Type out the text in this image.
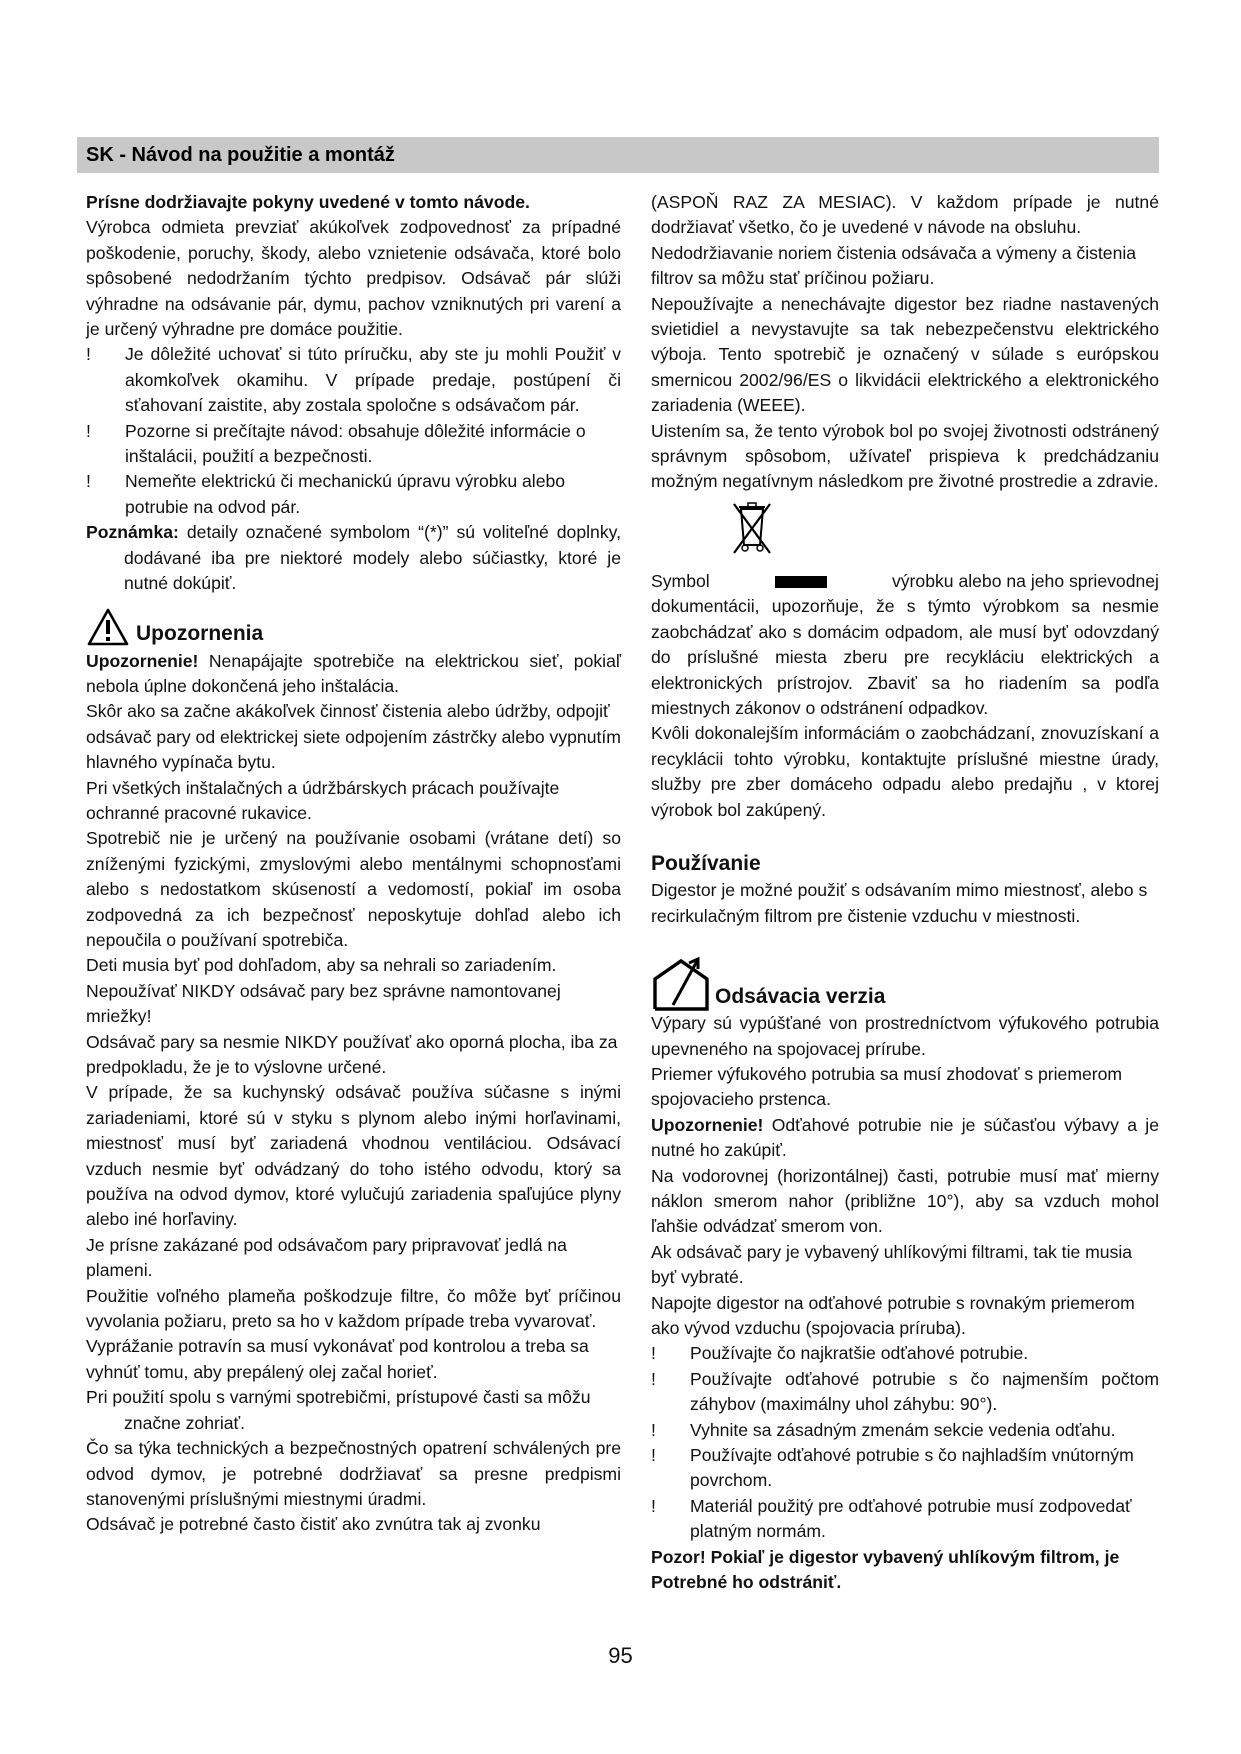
SK - Návod na použitie a montáž

Prísne dodržiavajte pokyny uvedené v tomto návode.

Výrobca odmieta prevziať akúkoľvek zodpovednosť za prípadné poškodenie, poruchy, škody, alebo vznietenie odsávača, ktoré bolo spôsobené nedodržaním týchto predpisov. Odsávač pár slúži výhradne na odsávanie pár, dymu, pachov vzniknutých pri varení a je určený výhradne pre domáce použitie.

!	Je dôležité uchovať si túto príručku, aby ste ju mohli Použiť v akomkoľvek okamihu. V prípade predaje, postúpení či sťahovaní zaistite, aby zostala spoločne s odsávačom pár.
!	Pozorne si prečítajte návod: obsahuje dôležité informácie o inštalácii, použití a bezpečnosti.
!	Nemeňte elektrickú či mechanickú úpravu výrobku alebo potrubie na odvod pár.

Poznámka: detaily označené symbolom “(*)” sú voliteľné doplnky, dodávané iba pre niektoré modely alebo súčiastky, ktoré je nutné dokúpiť.

Upozornenia

Upozornenie! Nenapájajte spotrebiče na elektrickou sieť, pokiaľ nebola úplne dokončená jeho inštalácia.

Skôr ako sa začne akákoľvek činnosť čistenia alebo údržby, odpojiť odsávač pary od elektrickej siete odpojením zástrčky alebo vypnutím hlavného vypínača bytu.

Pri všetkých inštalačných a údržbárskych prácach používajte ochranné pracovné rukavice.

Spotrebič nie je určený na používanie osobami (vrátane detí) so zníženými fyzickými, zmyslovými alebo mentálnymi schopnosťami alebo s nedostatkom skúseností a vedomostí, pokiaľ im osoba zodpovedná za ich bezpečnosť neposkytuje dohľad alebo ich nepoučila o používaní spotrebiča.

Deti musia byť pod dohľadom, aby sa nehrali so zariadením.

Nepoužívať NIKDY odsávač pary bez správne namontovanej mriežky!

Odsávač pary sa nesmie NIKDY používať ako oporná plocha, iba za predpokladu, že je to výslovne určené.

V prípade, že sa kuchynský odsávač používa súčasne s inými zariadeniami, ktoré sú v styku s plynom alebo inými horľavinami, miestnosť musí byť zariadená vhodnou ventiláciou. Odsávací vzduch nesmie byť odvádzaný do toho istého odvodu, ktorý sa používa na odvod dymov, ktoré vylučujú zariadenia spaľujúce plyny alebo iné horľaviny.

Je prísne zakázané pod odsávačom pary pripravovať jedlá na plameni.

Použitie voľného plameňa poškodzuje filtre, čo môže byť príčinou vyvolania požiaru, preto sa ho v každom prípade treba vyvarovať.

Vyprážanie potravín sa musí vykonávať pod kontrolou a treba sa vyhnúť tomu, aby prepálený olej začal horieť.

Pri použití spolu s varnými spotrebičmi, prístupové časti sa môžu značne zohriať.

Čo sa týka technických a bezpečnostných opatrení schválených pre odvod dymov, je potrebné dodržiavať sa presne predpismi stanovenými príslušnými miestnymi úradmi.

Odsávač je potrebné často čistiť ako zvnútra tak aj zvonku

(ASPOŇ RAZ ZA MESIAC). V každom prípade je nutné dodržiavať všetko, čo je uvedené v návode na obsluhu.

Nedodržiavanie noriem čistenia odsávača a výmeny a čistenia filtrov sa môžu stať príčinou požiaru.

Nepoužívajte a nenechávajte digestor bez riadne nastavených svietidiel a nevystavujte sa tak nebezpečenstvu elektrického výboja. Tento spotrebič je označený v súlade s európskou smernicou 2002/96/ES o likvidácii elektrického a elektronického zariadenia (WEEE).

Uistením sa, že tento výrobok bol po svojej životnosti odstránený správnym spôsobom, užívateľ prispieva k predchádzaniu možným negatívnym následkom pre životné prostredie a zdravie.

Symbol	výrobku alebo na jeho sprievodnej

dokumentácii, upozorňuje, že s týmto výrobkom sa nesmie zaobchádzať ako s domácim odpadom, ale musí byť odovzdaný do príslušné miesta zberu pre recykláciu elektrických a elektronických prístrojov. Zbaviť sa ho riadením sa podľa miestnych zákonov o odstránení odpadkov.

Kvôli dokonalejším informáciám o zaobchádzaní, znovuzískaní a recyklácii tohto výrobku, kontaktujte príslušné miestne úrady, služby pre zber domáceho odpadu alebo predajňu , v ktorej výrobok bol zakúpený.

Používanie

Digestor je možné použiť s odsávaním mimo miestnosť, alebo s recirkulačným filtrom pre čistenie vzduchu v miestnosti.

Odsávacia verzia

Výpary sú vypúšťané von prostredníctvom výfukového potrubia upevneného na spojovacej prírube.

Priemer výfukového potrubia sa musí zhodovať s priemerom spojovacieho prstenca.

Upozornenie! Odťahové potrubie nie je súčasťou výbavy a je nutné ho zakúpiť.

Na vodorovnej (horizontálnej) časti, potrubie musí mať mierny náklon smerom nahor (približne 10°), aby sa vzduch mohol ľahšie odvádzať smerom von.

Ak odsávač pary je vybavený uhlíkovými filtrami, tak tie musia byť vybraté.

Napojte digestor na odťahové potrubie s rovnakým priemerom ako vývod vzduchu (spojovacia príruba).

!	Používajte čo najkratšie odťahové potrubie.
!	Používajte odťahové potrubie s čo najmenším počtom záhybov (maximálny uhol záhybu: 90°).
!	Vyhnite sa zásadným zmenám sekcie vedenia odťahu.
!	Používajte odťahové potrubie s čo najhladším vnútorným povrchom.
!	Materiál použitý pre odťahové potrubie musí zodpovedať platným normám.

Pozor! Pokiaľ je digestor vybavený uhlíkovým filtrom, je Potrebné ho odstrániť.

95
